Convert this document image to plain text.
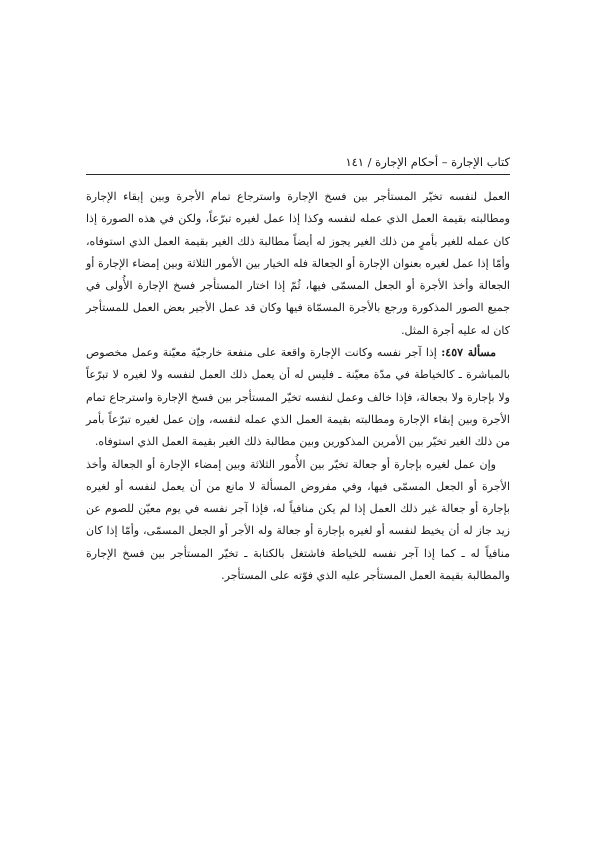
كتاب الإجارة – أحكام الإجارة / ١٤١

العمل لنفسه تخيّر المستأجر بين فسخ الإجارة واسترجاع تمام الأجرة وبين إبقاء الإجارة ومطالبته بقيمة العمل الذي عمله لنفسه وكذا إذا عمل لغيره تبرّعاً، ولكن في هذه الصورة إذا كان عمله للغير بأمرٍ من ذلك الغير يجوز له أيضاً مطالبة ذلك الغير بقيمة العمل الذي استوفاه، وأمّا إذا عمل لغيره بعنوان الإجارة أو الجعالة فله الخيار بين الأمور الثلاثة وبين إمضاء الإجارة أو الجعالة وأخذ الأجرة أو الجعل المسمّى فيها، ثُمّ إذا اختار المستأجر فسخ الإجارة الأُولى في جميع الصور المذكورة ورجع بالأجرة المسمّاة فيها وكان قد عمل الأجير بعض العمل للمستأجر كان له عليه أجرة المثل.

مسألة ٤٥٧: إذا آجر نفسه وكانت الإجارة واقعة على منفعة خارجيّة معيّنة وعمل مخصوص بالمباشرة ـ كالخياطة في مدّة معيّنة ـ فليس له أن يعمل ذلك العمل لنفسه ولا لغيره لا تبرّعاً ولا بإجارة ولا بجعالة، فإذا خالف وعمل لنفسه تخيّر المستأجر بين فسخ الإجارة واسترجاع تمام الأجرة وبين إبقاء الإجارة ومطالبته بقيمة العمل الذي عمله لنفسه، وإن عمل لغيره تبرّعاً بأمر من ذلك الغير تخيّر بين الأمرين المذكورين وبين مطالبة ذلك الغير بقيمة العمل الذي استوفاه.

وإن عمل لغيره بإجارة أو جعالة تخيّر بين الأُمور الثلاثة وبين إمضاء الإجارة أو الجعالة وأخذ الأجرة أو الجعل المسمّى فيها، وفي مفروض المسألة لا مانع من أن يعمل لنفسه أو لغيره بإجارة أو جعالة غير ذلك العمل إذا لم يكن منافياً له، فإذا آجر نفسه في يوم معيّن للصوم عن زيد جاز له أن يخيط لنفسه أو لغيره بإجارة أو جعالة وله الأجر أو الجعل المسمّى، وأمّا إذا كان منافياً له ـ كما إذا آجر نفسه للخياطة فاشتغل بالكتابة ـ تخيّر المستأجر بين فسخ الإجارة والمطالبة بقيمة العمل المستأجر عليه الذي فوّته على المستأجر.
